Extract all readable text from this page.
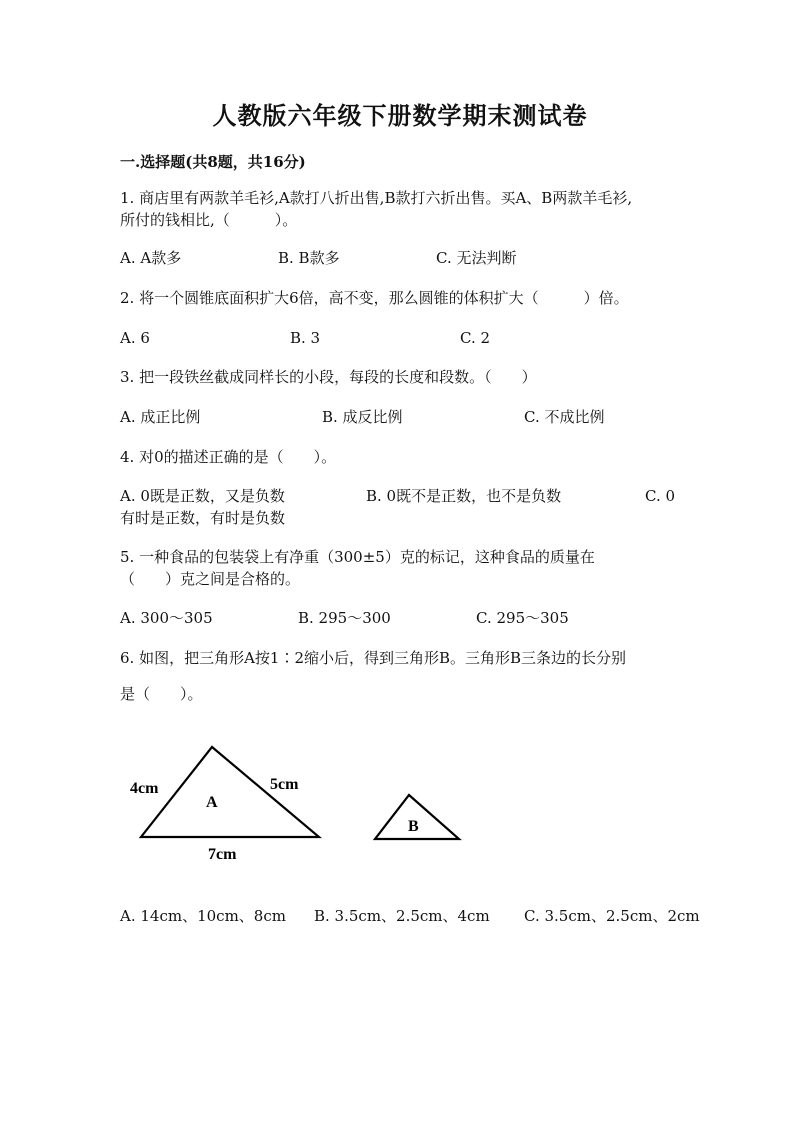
人教版六年级下册数学期末测试卷
一.选择题(共8题，共16分)
1. 商店里有两款羊毛衫,A款打八折出售,B款打六折出售。买A、B两款羊毛衫,
所付的钱相比,（　　　）。
A. A款多	B. B款多	C. 无法判断
2. 将一个圆锥底面积扩大6倍，高不变，那么圆锥的体积扩大（　　　）倍。
A. 6	B. 3	C. 2
3. 把一段铁丝截成同样长的小段，每段的长度和段数。（　　）
A. 成正比例	B. 成反比例	C. 不成比例
4. 对0的描述正确的是（　　）。
A. 0既是正数，又是负数	B. 0既不是正数，也不是负数	C. 0
有时是正数，有时是负数
5. 一种食品的包装袋上有净重（300±5）克的标记，这种食品的质量在
（　　）克之间是合格的。
A. 300～305	B. 295～300	C. 295～305
6. 如图，把三角形A按1∶2缩小后，得到三角形B。三角形B三条边的长分别
是（　　）。
A
4cm	5cm
7cm
B
A. 14cm、10cm、8cm B. 3.5cm、2.5cm、4cm C. 3.5cm、2.5cm、2cm
